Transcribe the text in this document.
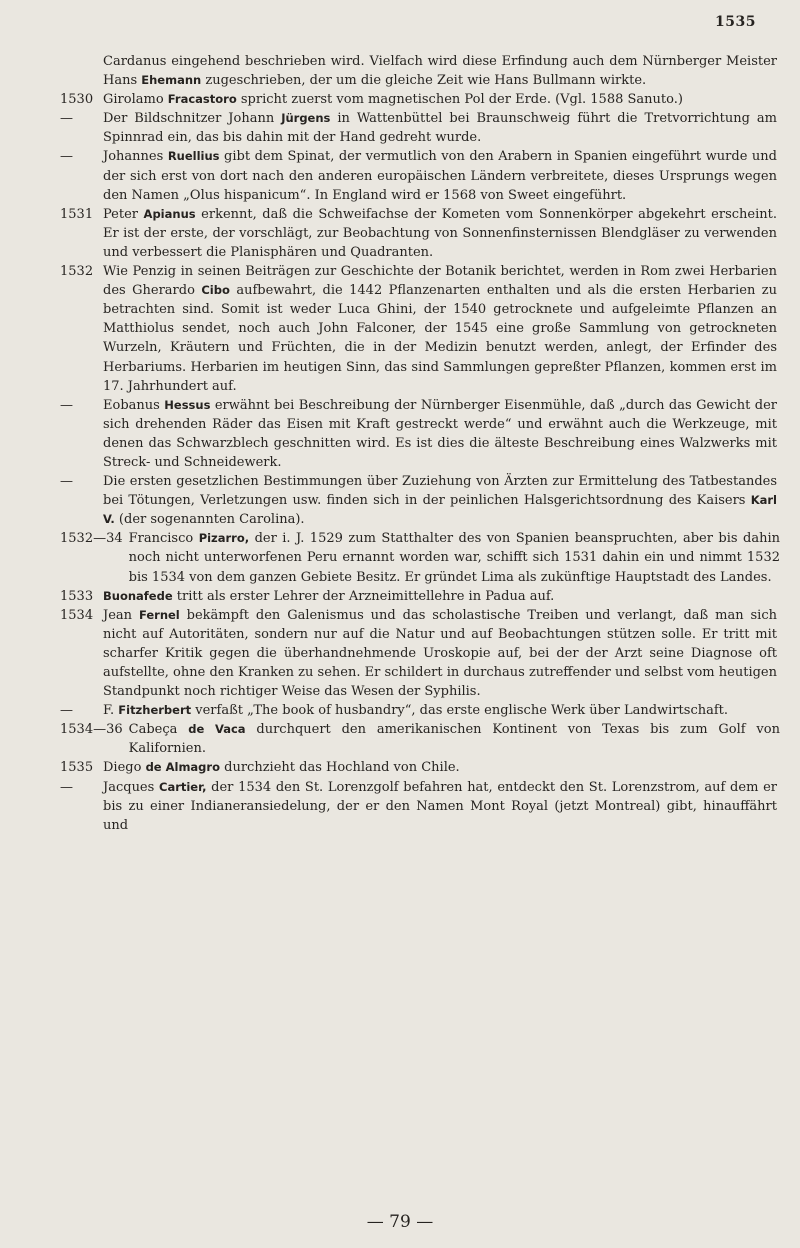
1535
Cardanus eingehend beschrieben wird. Vielfach wird diese Erfindung auch dem Nürnberger Meister Hans Ehemann zugeschrieben, der um die gleiche Zeit wie Hans Bullmann wirkte.
1530 Girolamo Fracastoro spricht zuerst vom magnetischen Pol der Erde. (Vgl. 1588 Sanuto.)
—	Der Bildschnitzer Johann Jürgens in Wattenbüttel bei Braunschweig führt die Tretvorrichtung am Spinnrad ein, das bis dahin mit der Hand gedreht wurde.
—	Johannes Ruellius gibt dem Spinat, der vermutlich von den Arabern in Spanien eingeführt wurde und der sich erst von dort nach den anderen europäischen Ländern verbreitete, dieses Ursprungs wegen den Namen „Olus hispanicum“. In England wird er 1568 von Sweet eingeführt.
1531 Peter Apianus erkennt, daß die Schweifachse der Kometen vom Sonnenkörper abgekehrt erscheint. Er ist der erste, der vorschlägt, zur Beobachtung von Sonnenfinsternissen Blendgläser zu verwenden und verbessert die Planisphären und Quadranten.
1532 Wie Penzig in seinen Beiträgen zur Geschichte der Botanik berichtet, werden in Rom zwei Herbarien des Gherardo Cibo aufbewahrt, die 1442 Pflanzenarten enthalten und als die ersten Herbarien zu betrachten sind. Somit ist weder Luca Ghini, der 1540 getrocknete und aufgeleimte Pflanzen an Matthiolus sendet, noch auch John Falconer, der 1545 eine große Sammlung von getrockneten Wurzeln, Kräutern und Früchten, die in der Medizin benutzt werden, anlegt, der Erfinder des Herbariums. Herbarien im heutigen Sinn, das sind Sammlungen gepreßter Pflanzen, kommen erst im 17. Jahrhundert auf.
—	Eobanus Hessus erwähnt bei Beschreibung der Nürnberger Eisenmühle, daß „durch das Gewicht der sich drehenden Räder das Eisen mit Kraft gestreckt werde“ und erwähnt auch die Werkzeuge, mit denen das Schwarzblech geschnitten wird. Es ist dies die älteste Beschreibung eines Walzwerks mit Streck- und Schneidewerk.
—	Die ersten gesetzlichen Bestimmungen über Zuziehung von Ärzten zur Ermittelung des Tatbestandes bei Tötungen, Verletzungen usw. finden sich in der peinlichen Halsgerichtsordnung des Kaisers Karl V. (der sogenannten Carolina).
1532—34 Francisco Pizarro, der i. J. 1529 zum Statthalter des von Spanien beanspruchten, aber bis dahin noch nicht unterworfenen Peru ernannt worden war, schifft sich 1531 dahin ein und nimmt 1532 bis 1534 von dem ganzen Gebiete Besitz. Er gründet Lima als zukünftige Hauptstadt des Landes.
1533 Buonafede tritt als erster Lehrer der Arzneimittellehre in Padua auf.
1534 Jean Fernel bekämpft den Galenismus und das scholastische Treiben und verlangt, daß man sich nicht auf Autoritäten, sondern nur auf die Natur und auf Beobachtungen stützen solle. Er tritt mit scharfer Kritik gegen die überhandnehmende Uroskopie auf, bei der der Arzt seine Diagnose oft aufstellte, ohne den Kranken zu sehen. Er schildert in durchaus zutreffender und selbst vom heutigen Standpunkt noch richtiger Weise das Wesen der Syphilis.
—	F. Fitzherbert verfaßt „The book of husbandry“, das erste englische Werk über Landwirtschaft.
1534—36 Cabeça de Vaca durchquert den amerikanischen Kontinent von Texas bis zum Golf von Kalifornien.
1535 Diego de Almagro durchzieht das Hochland von Chile.
—	Jacques Cartier, der 1534 den St. Lorenzgolf befahren hat, entdeckt den St. Lorenzstrom, auf dem er bis zu einer Indianeransiedelung, der er den Namen Mont Royal (jetzt Montreal) gibt, hinauffährt und
— 79 —
